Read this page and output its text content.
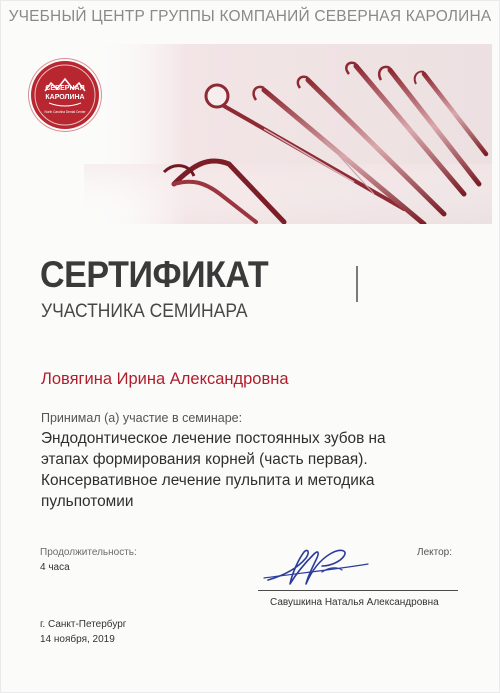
УЧЕБНЫЙ ЦЕНТР ГРУППЫ КОМПАНИЙ СЕВЕРНАЯ КАРОЛИНА
СЕВЕРНАЯ
КАРОЛИНА
North Carolina Dental Center
СЕРТИФИКАТ
УЧАСТНИКА СЕМИНАРА
Ловягина Ирина Александровна
Принимал (а) участие в семинаре:
Эндодонтическое лечение постоянных зубов на
этапах формирования корней (часть первая).
Консервативное лечение пульпита и методика
пульпотомии
Продолжительность:
4 часа
Лектор:
Савушкина Наталья Александровна
г. Санкт-Петербург
14 ноября, 2019
